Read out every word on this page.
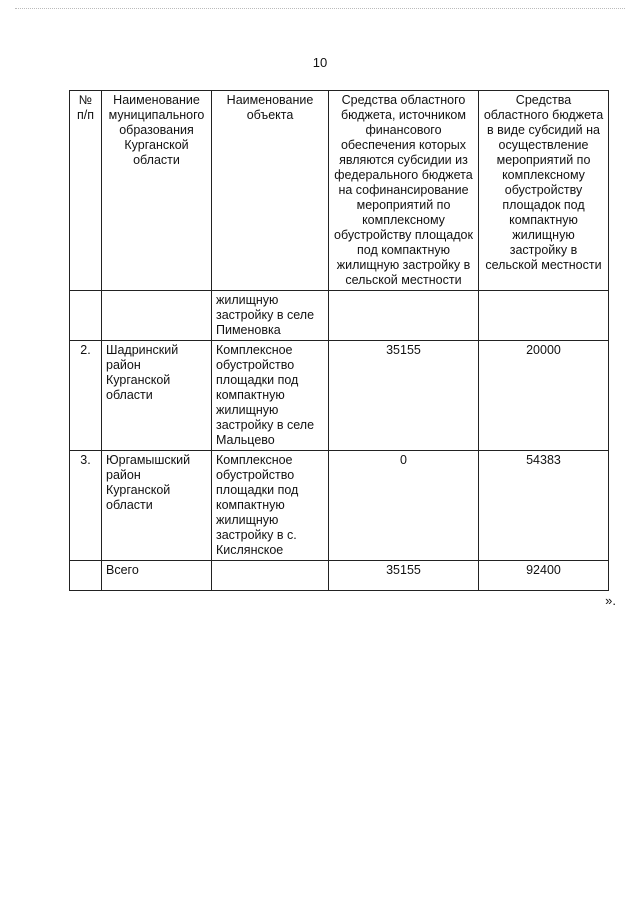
10
№ п/п	Наименование муниципального образования Курганской области	Наименование объекта	Средства областного бюджета, источником финансового обеспечения которых являются субсидии из федерального бюджета на софинансирование мероприятий по комплексному обустройству площадок под компактную жилищную застройку в сельской местности	Средства областного бюджета в виде субсидий на осуществление мероприятий по комплексному обустройству площадок под компактную жилищную застройку в сельской местности
		жилищную застройку в селе Пименовка		
2.	Шадринский район Курганской области	Комплексное обустройство площадки под компактную жилищную застройку в селе Мальцево	35155	20000
3.	Юргамышский район Курганской области	Комплексное обустройство площадки под компактную жилищную застройку в с. Кислянское	0	54383
	Всего		35155	92400
».
